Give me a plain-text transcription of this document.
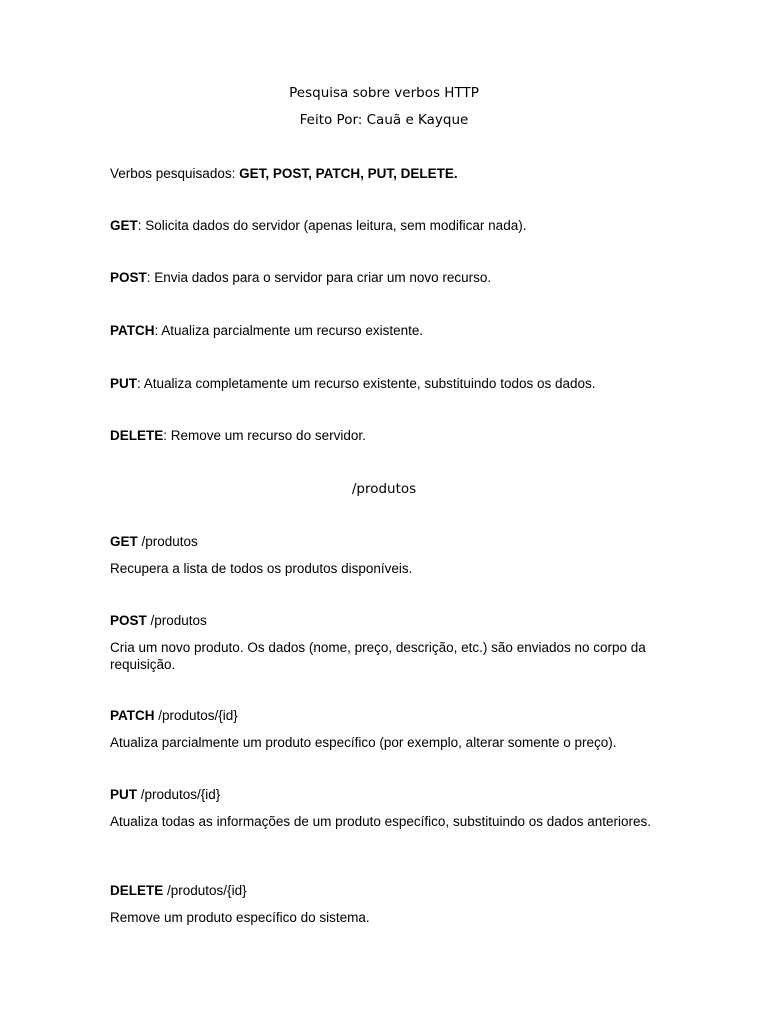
Pesquisa sobre verbos HTTP

Feito Por: Cauã e Kayque

Verbos pesquisados: GET, POST, PATCH, PUT, DELETE.

GET: Solicita dados do servidor (apenas leitura, sem modificar nada).

POST: Envia dados para o servidor para criar um novo recurso.

PATCH: Atualiza parcialmente um recurso existente.

PUT: Atualiza completamente um recurso existente, substituindo todos os dados.

DELETE: Remove um recurso do servidor.

/produtos

GET /produtos

Recupera a lista de todos os produtos disponíveis.

POST /produtos

Cria um novo produto. Os dados (nome, preço, descrição, etc.) são enviados no corpo da requisição.

PATCH /produtos/{id}

Atualiza parcialmente um produto específico (por exemplo, alterar somente o preço).

PUT /produtos/{id}

Atualiza todas as informações de um produto específico, substituindo os dados anteriores.

DELETE /produtos/{id}

Remove um produto específico do sistema.
